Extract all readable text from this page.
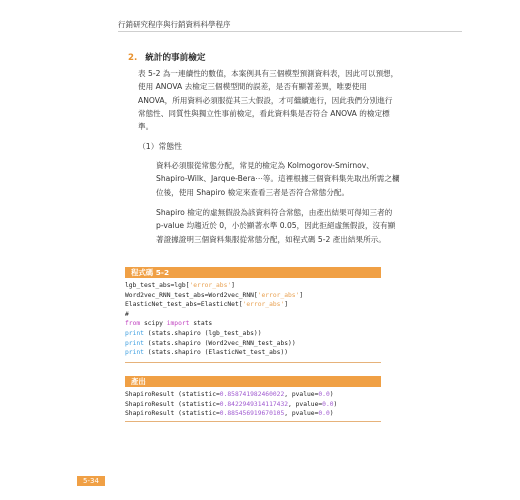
行銷研究程序與行銷資料科學程序
2. 統計的事前檢定
表 5-2 為一連續性的數值，本案例具有三個模型預測資料表，因此可以預想，使用 ANOVA 去檢定三個模型間的誤差，是否有顯著差異，唯要使用 ANOVA，所用資料必須服從其三大假設，才可繼續進行，因此我們分別進行常態性、同質性與獨立性事前檢定，看此資料集是否符合 ANOVA 的檢定標準。
（1）常態性
資料必須服從常態分配，常見的檢定為 Kolmogorov-Smirnov、Shapiro-Wilk、Jarque-Bera⋯等。這裡根據三個資料集先取出所需之欄位後，使用 Shapiro 檢定來查看三者是否符合常態分配。
Shapiro 檢定的虛無假設為該資料符合常態，由產出結果可得知三者的 p-value 均趨近於 0，小於顯著水準 0.05，因此拒絕虛無假設，沒有顯著證據證明三個資料集服從常態分配，如程式碼 5-2 產出結果所示。
程式碼 5-2
lgb_test_abs=lgb['error_abs']
Word2vec_RNN_test_abs=Word2vec_RNN['error_abs']
ElasticNet_test_abs=ElasticNet['error_abs']
#
from scipy import stats
print (stats.shapiro (lgb_test_abs))
print (stats.shapiro (Word2vec_RNN_test_abs))
print (stats.shapiro (ElasticNet_test_abs))
產出
ShapiroResult (statistic=0.858741982460022, pvalue=0.0)
ShapiroResult (statistic=0.8422949314117432, pvalue=0.0)
ShapiroResult (statistic=0.885456919670105, pvalue=0.0)
5-34
